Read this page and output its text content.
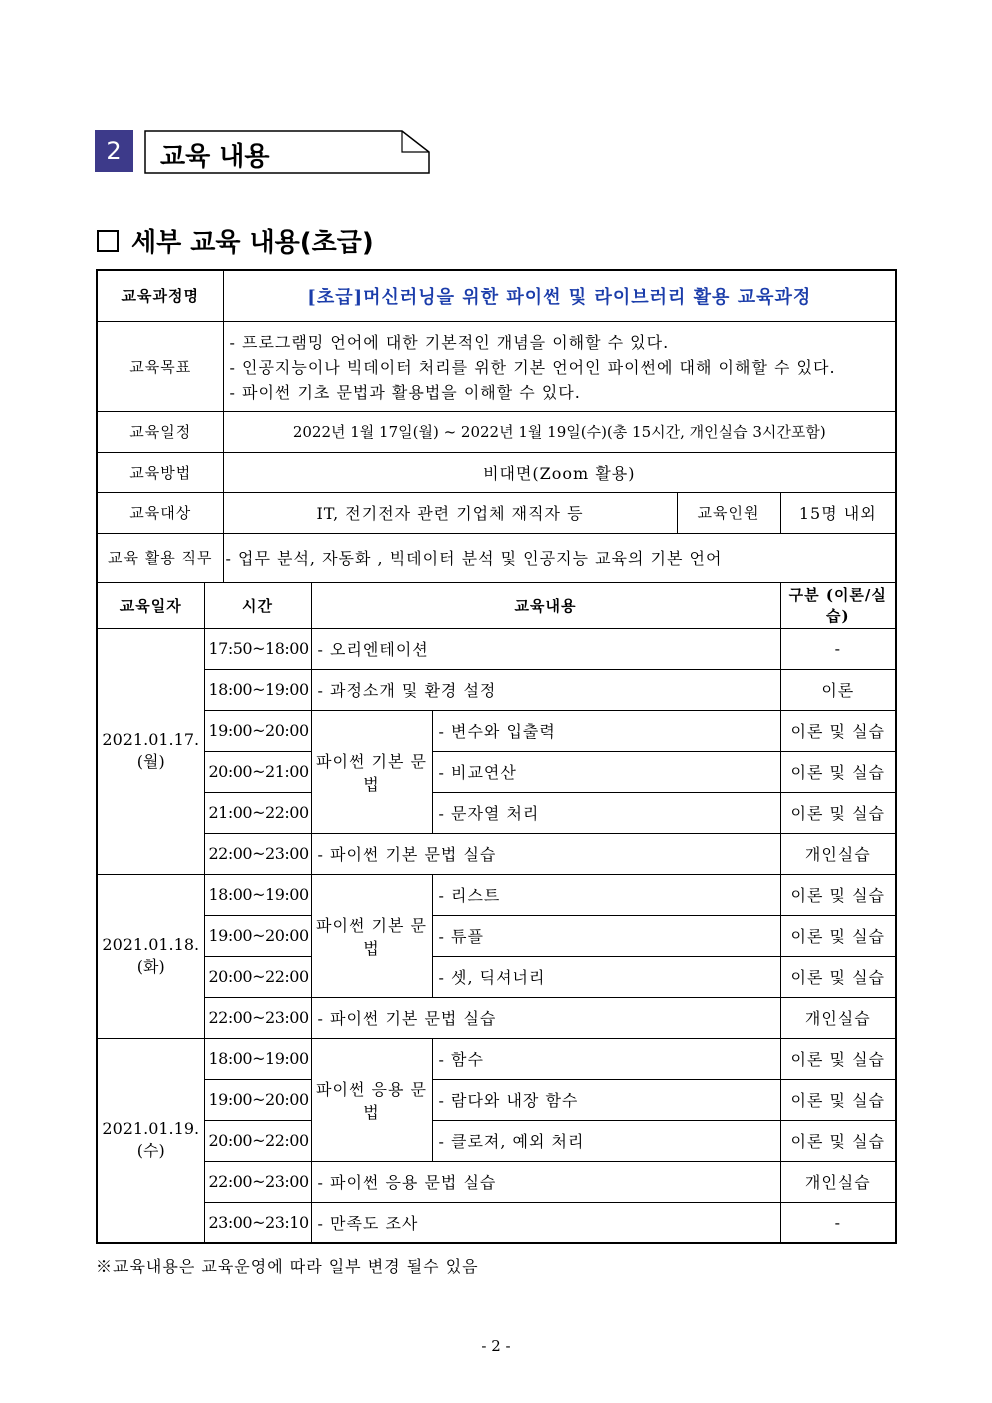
2	교육 내용
세부 교육 내용(초급)
교육과정명		[초급]머신러닝을 위한 파이썬 및 라이브러리 활용 교육과정				
교육목표		- 프로그램밍 언어에 대한 기본적인 개념을 이해할 수 있다.
- 인공지능이나 빅데이터 처리를 위한 기본 언어인 파이썬에 대해 이해할 수 있다.
- 파이썬 기초 문법과 활용법을 이해할 수 있다.				

교육일정		2022년 1월 17일(월) ~ 2022년 1월 19일(수)(총 15시간, 개인실습 3시간포함)				
교육방법		비대면(Zoom 활용)				
교육대상		IT, 전기전자 관련 기업체 재직자 등			교육인원	15명 내외
교육 활용 직무		- 업무 분석, 자동화 , 빅데이터 분석 및 인공지능 교육의 기본 언어				
교육일자	시간		교육내용			구분 (이론/실습)
2021.01.17. (월)	17:50~18:00		- 오리엔테이션			-
	18:00~19:00		- 과정소개 및 환경 설정			이론
	19:00~20:00		파이썬 기본 문법	- 변수와 입출력		이론 및 실습
	20:00~21:00			- 비교연산		이론 및 실습
	21:00~22:00			- 문자열 처리		이론 및 실습
	22:00~23:00		- 파이썬 기본 문법 실습			개인실습
2021.01.18. (화)	18:00~19:00		파이썬 기본 문법	- 리스트		이론 및 실습
	19:00~20:00			- 튜플		이론 및 실습
	20:00~22:00			- 셋, 딕셔너리		이론 및 실습
	22:00~23:00		- 파이썬 기본 문법 실습			개인실습
2021.01.19. (수)	18:00~19:00		파이썬 응용 문법	- 함수		이론 및 실습
	19:00~20:00			- 람다와 내장 함수		이론 및 실습
	20:00~22:00			- 클로져, 예외 처리		이론 및 실습
	22:00~23:00		- 파이썬 응용 문법 실습			개인실습
	23:00~23:10		- 만족도 조사			-
※교육내용은 교육운영에 따라 일부 변경 될수 있음
- 2 -
